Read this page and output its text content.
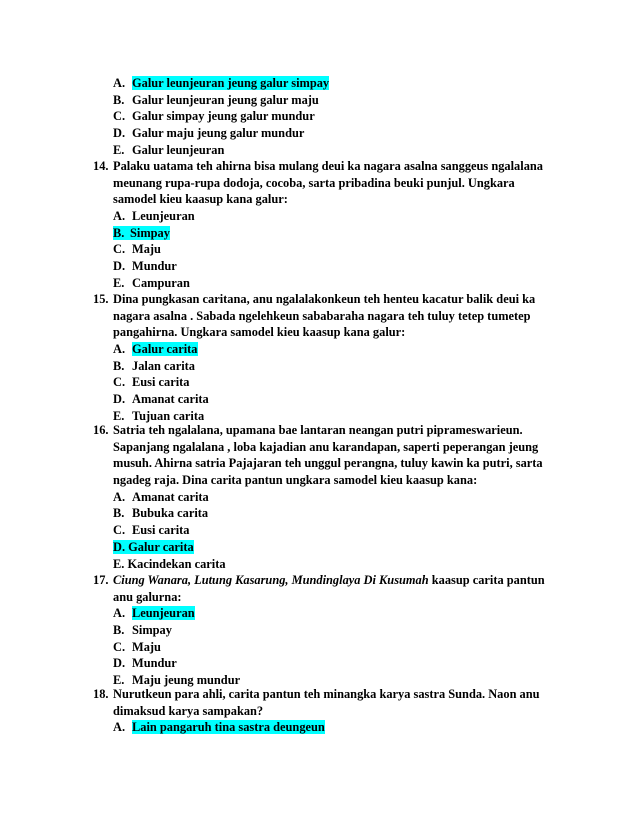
A. Galur leunjeuran jeung galur simpay
B. Galur leunjeuran jeung galur maju
C. Galur simpay jeung galur mundur
D. Galur maju jeung galur mundur
E. Galur leunjeuran
14. Palaku uatama teh ahirna bisa mulang deui ka nagara asalna sanggeus ngalalana
meunang rupa-rupa dodoja, cocoba, sarta pribadina beuki punjul. Ungkara
samodel kieu kaasup kana galur:
A. Leunjeuran
B. Simpay
C. Maju
D. Mundur
E. Campuran
15. Dina pungkasan caritana, anu ngalalakonkeun teh henteu kacatur balik deui ka
nagara asalna . Sabada ngelehkeun sababaraha nagara teh tuluy tetep tumetep
pangahirna. Ungkara samodel kieu kaasup kana galur:
A. Galur carita
B. Jalan carita
C. Eusi carita
D. Amanat carita
E. Tujuan carita
16. Satria teh ngalalana, upamana bae lantaran neangan putri piprameswarieun.
Sapanjang ngalalana , loba kajadian anu karandapan, saperti peperangan jeung
musuh. Ahirna satria Pajajaran teh unggul perangna, tuluy kawin ka putri, sarta
ngadeg raja. Dina carita pantun ungkara samodel kieu kaasup kana:
A. Amanat carita
B. Bubuka carita
C. Eusi carita
D. Galur carita
E. Kacindekan carita
17. Ciung Wanara, Lutung Kasarung, Mundinglaya Di Kusumah kaasup carita pantun
anu galurna:
A. Leunjeuran
B. Simpay
C. Maju
D. Mundur
E. Maju jeung mundur
18. Nurutkeun para ahli, carita pantun teh minangka karya sastra Sunda. Naon anu
dimaksud karya sampakan?
A. Lain pangaruh tina sastra deungeun
